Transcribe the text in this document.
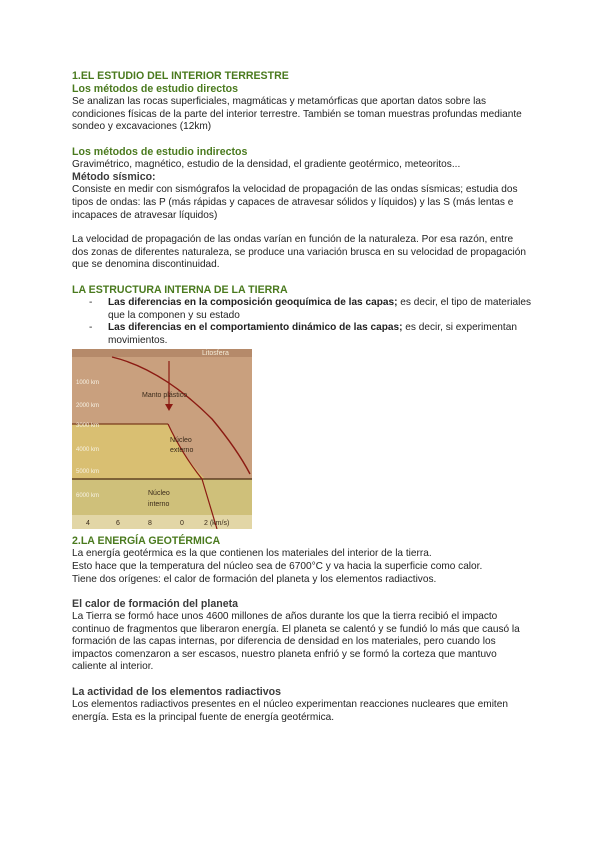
1.EL ESTUDIO DEL INTERIOR TERRESTRE
Los métodos de estudio directos

Se analizan las rocas superficiales, magmáticas y metamórficas que aportan datos sobre las condiciones físicas de la parte del interior terrestre. También se toman muestras profundas mediante sondeo y excavaciones (12km)

Los métodos de estudio indirectos

Gravimétrico, magnético, estudio de la densidad, el gradiente geotérmico, meteoritos...

Método sísmico:

Consiste en medir con sismógrafos la velocidad de propagación de las ondas sísmicas; estudia dos tipos de ondas: las P (más rápidas y capaces de atravesar sólidos y líquidos) y las S (más lentas e incapaces de atravesar líquidos)

La velocidad de propagación de las ondas varían en función de la naturaleza. Por esa razón, entre dos zonas de diferentes naturaleza, se produce una variación brusca en su velocidad de propagación que se denomina discontinuidad.

LA ESTRUCTURA INTERNA DE LA TIERRA
- Las diferencias en la composición geoquímica de las capas; es decir, el tipo de materiales que la componen y su estado
- Las diferencias en el comportamiento dinámico de las capas; es decir, si experimentan movimientos.
Litosfera
Manto plástico
Núcleo
externo
Núcleo
interno
1000 km
2000 km
3000 km
4000 km
5000 km
6000 km
4	6	8	0	2 (km/s)
2.LA ENERGÍA GEOTÉRMICA

La energía geotérmica es la que contienen los materiales del interior de la tierra.

Esto hace que la temperatura del núcleo sea de 6700°C y va hacia la superficie como calor.

Tiene dos orígenes: el calor de formación del planeta y los elementos radiactivos.

El calor de formación del planeta

La Tierra se formó hace unos 4600 millones de años durante los que la tierra recibió el impacto continuo de fragmentos que liberaron energía. El planeta se calentó y se fundió lo más que causó la formación de las capas internas, por diferencia de densidad en los materiales, pero cuando los impactos comenzaron a ser escasos, nuestro planeta enfrió y se formó la corteza que mantuvo caliente al interior.

La actividad de los elementos radiactivos

Los elementos radiactivos presentes en el núcleo experimentan reacciones nucleares que emiten energía. Esta es la principal fuente de energía geotérmica.
